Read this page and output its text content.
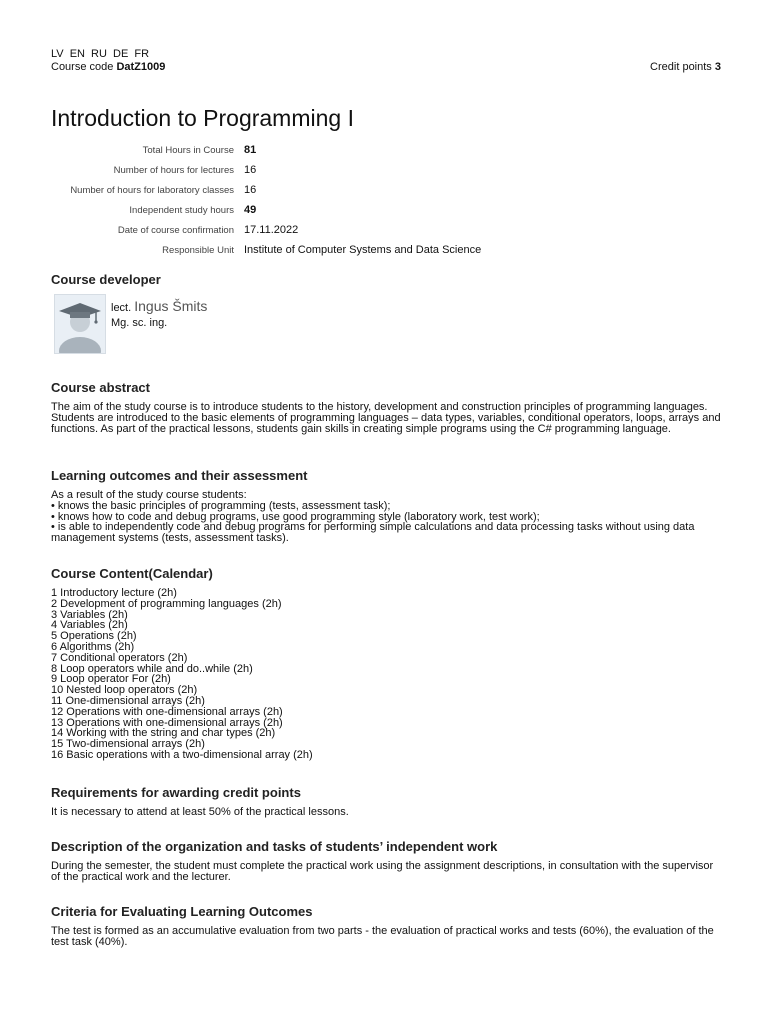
LV EN RU DE FR
Course code DatZ1009	Credit points 3
Introduction to Programming I
Total Hours in Course 81
Number of hours for lectures 16
Number of hours for laboratory classes 16
Independent study hours 49
Date of course confirmation 17.11.2022
Responsible Unit Institute of Computer Systems and Data Science
Course developer
lect. Ingus Šmits
Mg. sc. ing.
Course abstract

The aim of the study course is to introduce students to the history, development and construction principles of programming languages. Students are introduced to the basic elements of programming languages – data types, variables, conditional operators, loops, arrays and functions. As part of the practical lessons, students gain skills in creating simple programs using the C# programming language.

Learning outcomes and their assessment
As a result of the study course students:
• knows the basic principles of programming (tests, assessment task);
• knows how to code and debug programs, use good programming style (laboratory work, test work);
• is able to independently code and debug programs for performing simple calculations and data processing tasks without using data management systems (tests, assessment tasks).
Course Content(Calendar)
1 Introductory lecture (2h)
2 Development of programming languages (2h)
3 Variables (2h)
4 Variables (2h)
5 Operations (2h)
6 Algorithms (2h)
7 Conditional operators (2h)
8 Loop operators while and do..while (2h)
9 Loop operator For (2h)
10 Nested loop operators (2h)
11 One-dimensional arrays (2h)
12 Operations with one-dimensional arrays (2h)
13 Operations with one-dimensional arrays (2h)
14 Working with the string and char types (2h)
15 Two-dimensional arrays (2h)
16 Basic operations with a two-dimensional array (2h)
Requirements for awarding credit points

It is necessary to attend at least 50% of the practical lessons.

Description of the organization and tasks of students’ independent work

During the semester, the student must complete the practical work using the assignment descriptions, in consultation with the supervisor of the practical work and the lecturer.

Criteria for Evaluating Learning Outcomes

The test is formed as an accumulative evaluation from two parts - the evaluation of practical works and tests (60%), the evaluation of the test task (40%).
